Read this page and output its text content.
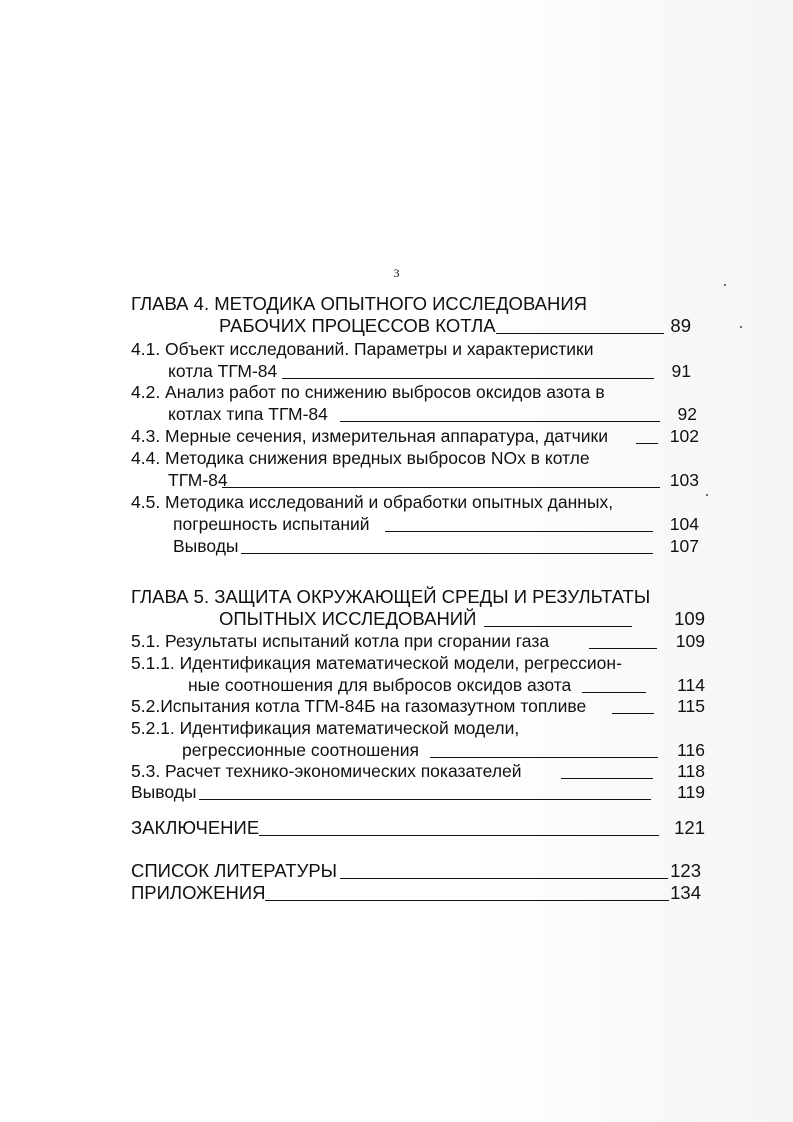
3
ГЛАВА 4. МЕТОДИКА ОПЫТНОГО ИССЛЕДОВАНИЯ
РАБОЧИХ ПРОЦЕССОВ КОТЛА	89
4.1. Объект исследований. Параметры и характеристики
котла ТГМ-84	91
4.2. Анализ работ по снижению выбросов оксидов азота в
котлах типа ТГМ-84	92
4.3. Мерные сечения, измерительная аппаратура, датчики	102
4.4. Методика снижения вредных выбросов NOx в котле
ТГМ-84	103
4.5. Методика исследований и обработки опытных данных,
погрешность испытаний	104
Выводы	107
ГЛАВА 5. ЗАЩИТА ОКРУЖАЮЩЕЙ СРЕДЫ И РЕЗУЛЬТАТЫ
ОПЫТНЫХ ИССЛЕДОВАНИЙ	109
5.1. Результаты испытаний котла при сгорании газа	109
5.1.1. Идентификация математической модели, регрессион-
ные соотношения для выбросов оксидов азота	114
5.2.Испытания котла ТГМ-84Б на газомазутном топливе	115
5.2.1. Идентификация математической модели,
регрессионные соотношения	116
5.3. Расчет технико-экономических показателей	118
Выводы	119
ЗАКЛЮЧЕНИЕ	121
СПИСОК ЛИТЕРАТУРЫ	123
ПРИЛОЖЕНИЯ	134
